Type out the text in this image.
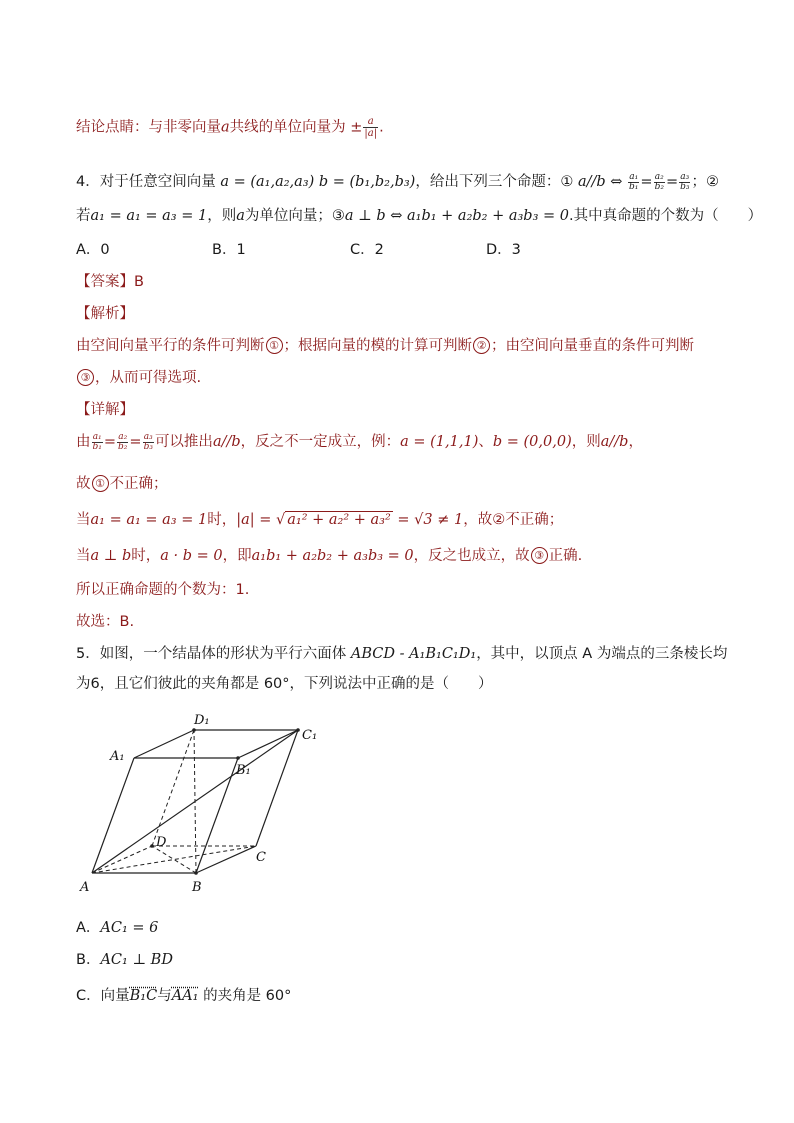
结论点睛：与非零向量a共线的单位向量为 ± $\frac{a}{|a|}$ .
4．对于任意空间向量 a = (a₁,a₂,a₃) b = (b₁,b₂,b₃)，给出下列三个命题：① a//b ⇔ $\frac{\text{a₁}}{\text{b₁}} = \frac{\text{a₂}}{\text{b₂}} = \frac{\text{a₃}}{\text{b₃}}$ ；②
若a₁ = a₁ = a₃ = 1，则a为单位向量；③a ⊥ b ⇔ a₁b₁ + a₂b₂ + a₃b₃ = 0.其中真命题的个数为（　　）
A．0	B．1	C．2	D．3
【答案】B
【解析】
由空间向量平行的条件可判断 ① ；根据向量的模的计算可判断 ② ；由空间向量垂直的条件可判断
③ ，从而可得选项.
【详解】
由 $\frac{\text{a₁}}{\text{b₁}} = \frac{\text{a₂}}{\text{b₂}} = \frac{\text{a₃}}{\text{b₃}}$ 可以推出a//b，反之不一定成立，例：a = (1,1,1)、b = (0,0,0)，则a//b，
故 ① 不正确；
当a₁ = a₁ = a₃ = 1时，|a| = √ a₁² + a₂² + a₃² = √3 ≠ 1，故②不正确；
当a ⊥ b时，a · b = 0，即a₁b₁ + a₂b₂ + a₃b₃ = 0，反之也成立，故 ③ 正确.
所以正确命题的个数为：1.
故选：B.
5．如图，一个结晶体的形状为平行六面体 ABCD - A₁B₁C₁D₁，其中，以顶点 A 为端点的三条棱长均
为6，且它们彼此的夹角都是 60°，下列说法中正确的是（　　）
A	B
C
D
A₁
B₁
C₁
D₁
A．AC₁ = 6
B．AC₁ ⊥ BD
C．向量B₁C与AA₁ 的夹角是 60°
